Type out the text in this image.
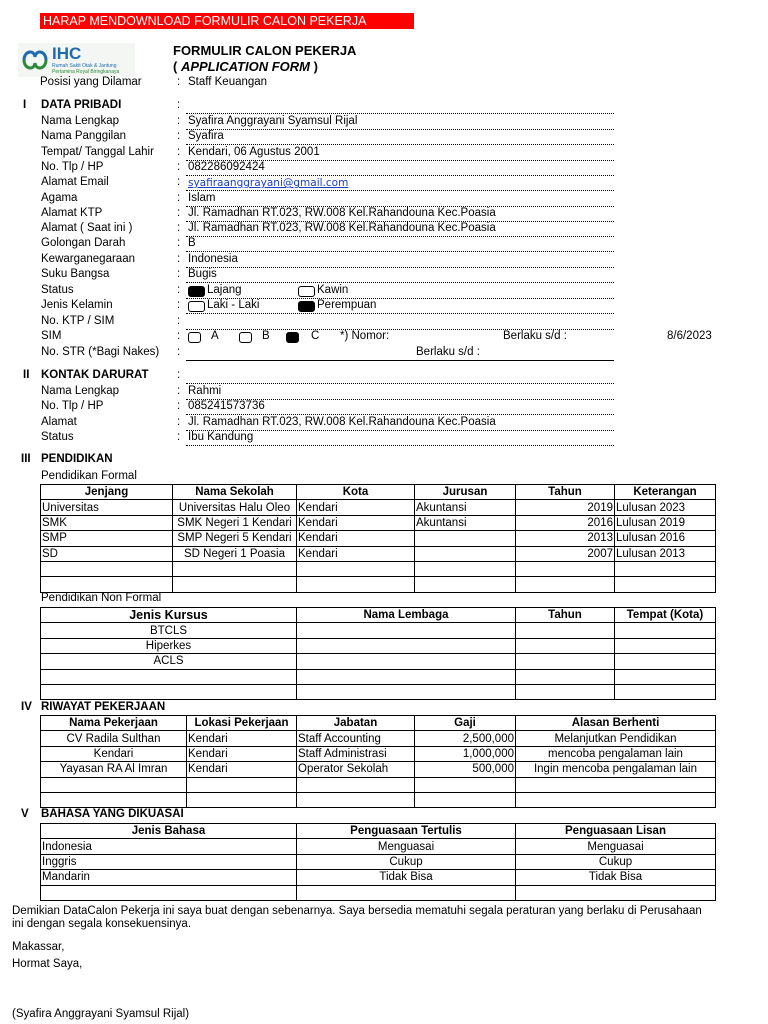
HARAP MENDOWNLOAD FORMULIR CALON PEKERJA
IHC
Rumah Sakit Otak & Jantung
Pertamina Royal Biringkanaya
FORMULIR CALON PEKERJA
( APPLICATION FORM )
Posisi yang Dilamar	: Staff Keuangan
I DATA PRIBADI	:
Nama Lengkap	: Syafira Anggrayani Syamsul Rijal
Nama Panggilan	: Syafira
Tempat/ Tanggal Lahir : Kendari, 06 Agustus 2001
No. Tlp / HP	: 082286092424
Alamat Email	: syafiraanggrayani@gmail.com
Agama	: Islam
Alamat KTP	: Jl. Ramadhan RT.023, RW.008 Kel.Rahandouna Kec.Poasia
Alamat ( Saat ini )	: Jl. Ramadhan RT.023, RW.008 Kel.Rahandouna Kec.Poasia
Golongan Darah	: B
Kewarganegaraan	: Indonesia
Suku Bangsa	: Bugis
Status	: Lajang	Kawin
Jenis Kelamin	: Laki - Laki	Perempuan
No. KTP / SIM	:
SIM	:	A	B	C *) Nomor:	Berlaku s/d :	8/6/2023
No. STR (*Bagi Nakes) :	Berlaku s/d :
II KONTAK DARURAT :
Nama Lengkap	: Rahmi
No. Tlp / HP	: 085241573736
Alamat	: Jl. Ramadhan RT.023, RW.008 Kel.Rahandouna Kec.Poasia
Status	: Ibu Kandung
III PENDIDIKAN
Pendidikan Formal
Jenjang	Nama Sekolah	Kota	Jurusan	Tahun	Keterangan
Universitas	Universitas Halu Oleo	Kendari	Akuntansi	2019	Lulusan 2023
SMK	SMK Negeri 1 Kendari	Kendari	Akuntansi	2016	Lulusan 2019
SMP	SMP Negeri 5 Kendari	Kendari		2013	Lulusan 2016
SD	SD Negeri 1 Poasia	Kendari		2007	Lulusan 2013

Pendidikan Non Formal
Jenis Kursus	Nama Lembaga	Tahun	Tempat (Kota)
BTCLS			
Hiperkes			
ACLS			

IV RIWAYAT PEKERJAAN
Nama Pekerjaan	Lokasi Pekerjaan	Jabatan	Gaji	Alasan Berhenti
CV Radila Sulthan	Kendari	Staff Accounting	2,500,000	Melanjutkan Pendidikan
Kendari	Kendari	Staff Administrasi	1,000,000	mencoba pengalaman lain
Yayasan RA Al Imran	Kendari	Operator Sekolah	500,000	Ingin mencoba pengalaman lain

V BAHASA YANG DIKUASAI
Jenis Bahasa	Penguasaan Tertulis	Penguasaan Lisan
Indonesia	Menguasai	Menguasai
Inggris	Cukup	Cukup
Mandarin	Tidak Bisa	Tidak Bisa

Demikian DataCalon Pekerja ini saya buat dengan sebenarnya. Saya bersedia mematuhi segala peraturan yang berlaku di Perusahaan ini dengan segala konsekuensinya.
Makassar,
Hormat Saya,
(Syafira Anggrayani Syamsul Rijal)
